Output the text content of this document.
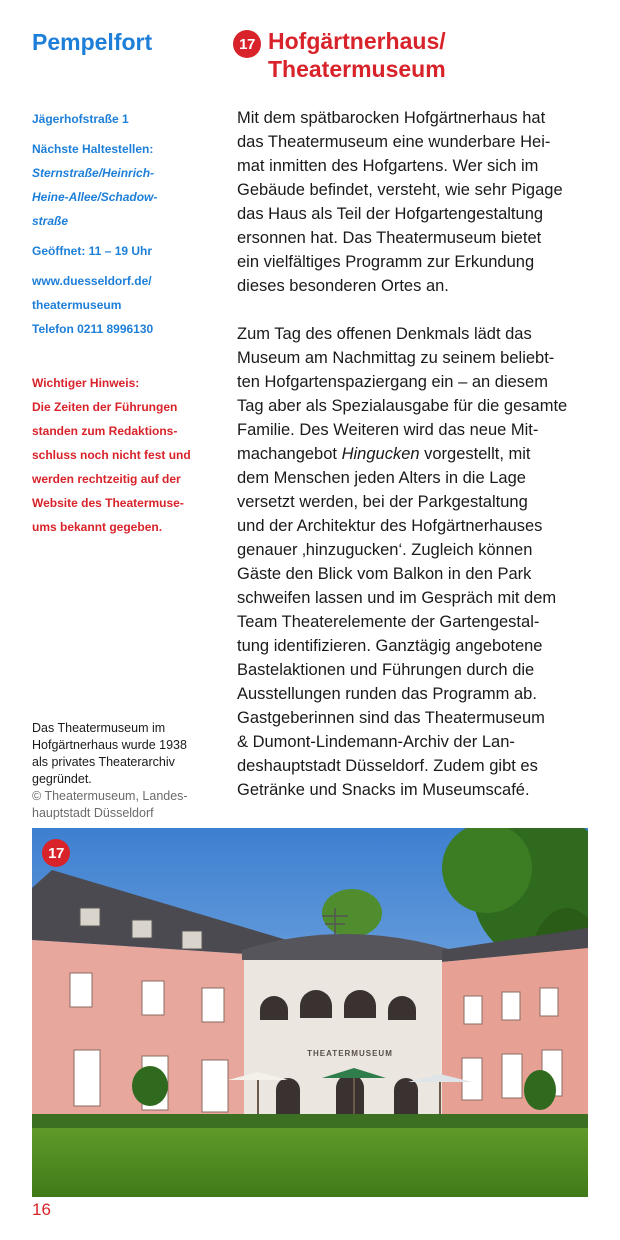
Pempelfort	17 Hofgärtnerhaus/
Theatermuseum

Jägerhofstraße 1

Nächste Haltestellen:

Sternstraße/Heinrich-

Heine-Allee/Schadow-

straße

Geöffnet: 11 – 19 Uhr

www.duesseldorf.de/

theatermuseum

Telefon 0211 8996130

Wichtiger Hinweis:

Die Zeiten der Führungen

standen zum Redaktions-

schluss noch nicht fest und

werden rechtzeitig auf der

Website des Theatermuse-

ums bekannt gegeben.

Das Theatermuseum im

Hofgärtnerhaus wurde 1938

als privates Theaterarchiv

gegründet.

© Theatermuseum, Landes-

hauptstadt Düsseldorf

Mit dem spätbarocken Hofgärtnerhaus hat

das Theatermuseum eine wunderbare Hei-

mat inmitten des Hofgartens. Wer sich im

Gebäude befindet, versteht, wie sehr Pigage

das Haus als Teil der Hofgartengestaltung

ersonnen hat. Das Theatermuseum bietet

ein vielfältiges Programm zur Erkundung

dieses besonderen Ortes an.

Zum Tag des offenen Denkmals lädt das

Museum am Nachmittag zu seinem beliebt-

ten Hofgartenspaziergang ein – an diesem

Tag aber als Spezialausgabe für die gesamte

Familie. Des Weiteren wird das neue Mit-

machangebot Hingucken vorgestellt, mit

dem Menschen jeden Alters in die Lage

versetzt werden, bei der Parkgestaltung

und der Architektur des Hofgärtnerhauses

genauer ‚hinzugucken‘. Zugleich können

Gäste den Blick vom Balkon in den Park

schweifen lassen und im Gespräch mit dem

Team Theaterelemente der Gartengestal-

tung identifizieren. Ganztägig angebotene

Bastelaktionen und Führungen durch die

Ausstellungen runden das Programm ab.

Gastgeberinnen sind das Theatermuseum

& Dumont-Lindemann-Archiv der Lan-

deshauptstadt Düsseldorf. Zudem gibt es

Getränke und Snacks im Museumscafé.

THEATERMUSEUM
17
16
